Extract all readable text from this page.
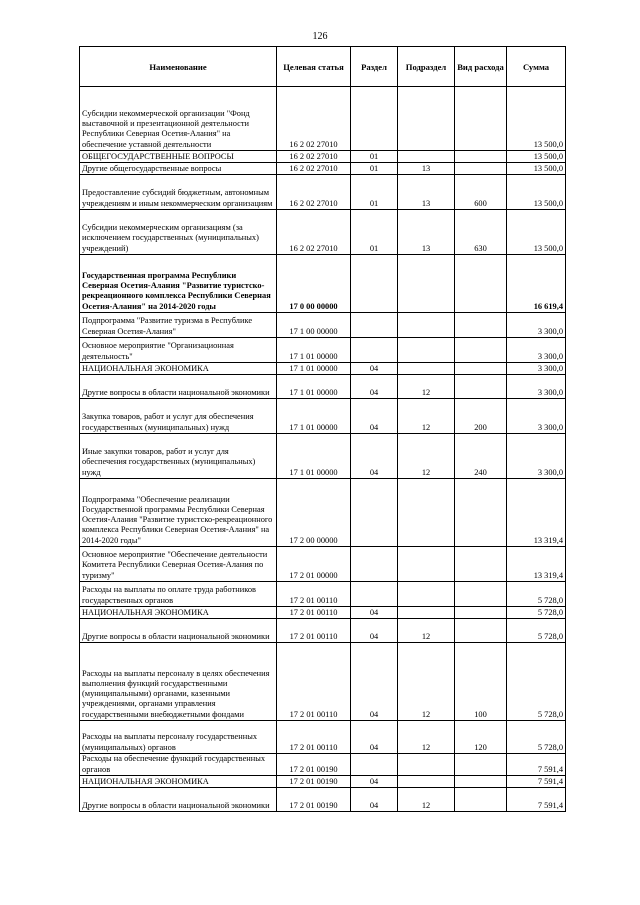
126
Наименование	Целевая статья	Раздел	Подраздел	Вид расхода	Сумма
Субсидии некоммерческой организации "Фонд выставочной и презентационной деятельности Республики Северная Осетия-Алания" на обеспечение уставной деятельности	16 2 02 27010				13 500,0
ОБЩЕГОСУДАРСТВЕННЫЕ ВОПРОСЫ	16 2 02 27010	01			13 500,0
Другие общегосударственные вопросы	16 2 02 27010	01	13		13 500,0
Предоставление субсидий бюджетным, автономным учреждениям и иным некоммерческим организациям	16 2 02 27010	01	13	600	13 500,0
Субсидии некоммерческим организациям (за исключением государственных (муниципальных) учреждений)	16 2 02 27010	01	13	630	13 500,0
Государственная программа Республики Северная Осетия-Алания "Развитие туристско-рекреационного комплекса Республики Северная Осетия-Алания" на 2014-2020 годы	17 0 00 00000				16 619,4
Подпрограмма "Развитие туризма в Республике Северная Осетия-Алания"	17 1 00 00000				3 300,0
Основное мероприятие "Организационная деятельность"	17 1 01 00000				3 300,0
НАЦИОНАЛЬНАЯ ЭКОНОМИКА	17 1 01 00000	04			3 300,0
Другие вопросы в области национальной экономики	17 1 01 00000	04	12		3 300,0
Закупка товаров, работ и услуг для обеспечения государственных (муниципальных) нужд	17 1 01 00000	04	12	200	3 300,0
Иные закупки товаров, работ и услуг для обеспечения государственных (муниципальных) нужд	17 1 01 00000	04	12	240	3 300,0
Подпрограмма "Обеспечение реализации Государственной программы Республики Северная Осетия-Алания "Развитие туристско-рекреационного комплекса Республики Северная Осетия-Алания" на 2014-2020 годы"	17 2 00 00000				13 319,4
Основное мероприятие "Обеспечение деятельности Комитета Республики Северная Осетия-Алания по туризму"	17 2 01 00000				13 319,4
Расходы на выплаты по оплате труда работников государственных органов	17 2 01 00110				5 728,0
НАЦИОНАЛЬНАЯ ЭКОНОМИКА	17 2 01 00110	04			5 728,0
Другие вопросы в области национальной экономики	17 2 01 00110	04	12		5 728,0
Расходы на выплаты персоналу в целях обеспечения выполнения функций государственными (муниципальными) органами, казенными учреждениями, органами управления государственными внебюджетными фондами	17 2 01 00110	04	12	100	5 728,0
Расходы на выплаты персоналу государственных (муниципальных) органов	17 2 01 00110	04	12	120	5 728,0
Расходы на обеспечение функций государственных органов	17 2 01 00190				7 591,4
НАЦИОНАЛЬНАЯ ЭКОНОМИКА	17 2 01 00190	04			7 591,4
Другие вопросы в области национальной экономики	17 2 01 00190	04	12		7 591,4
